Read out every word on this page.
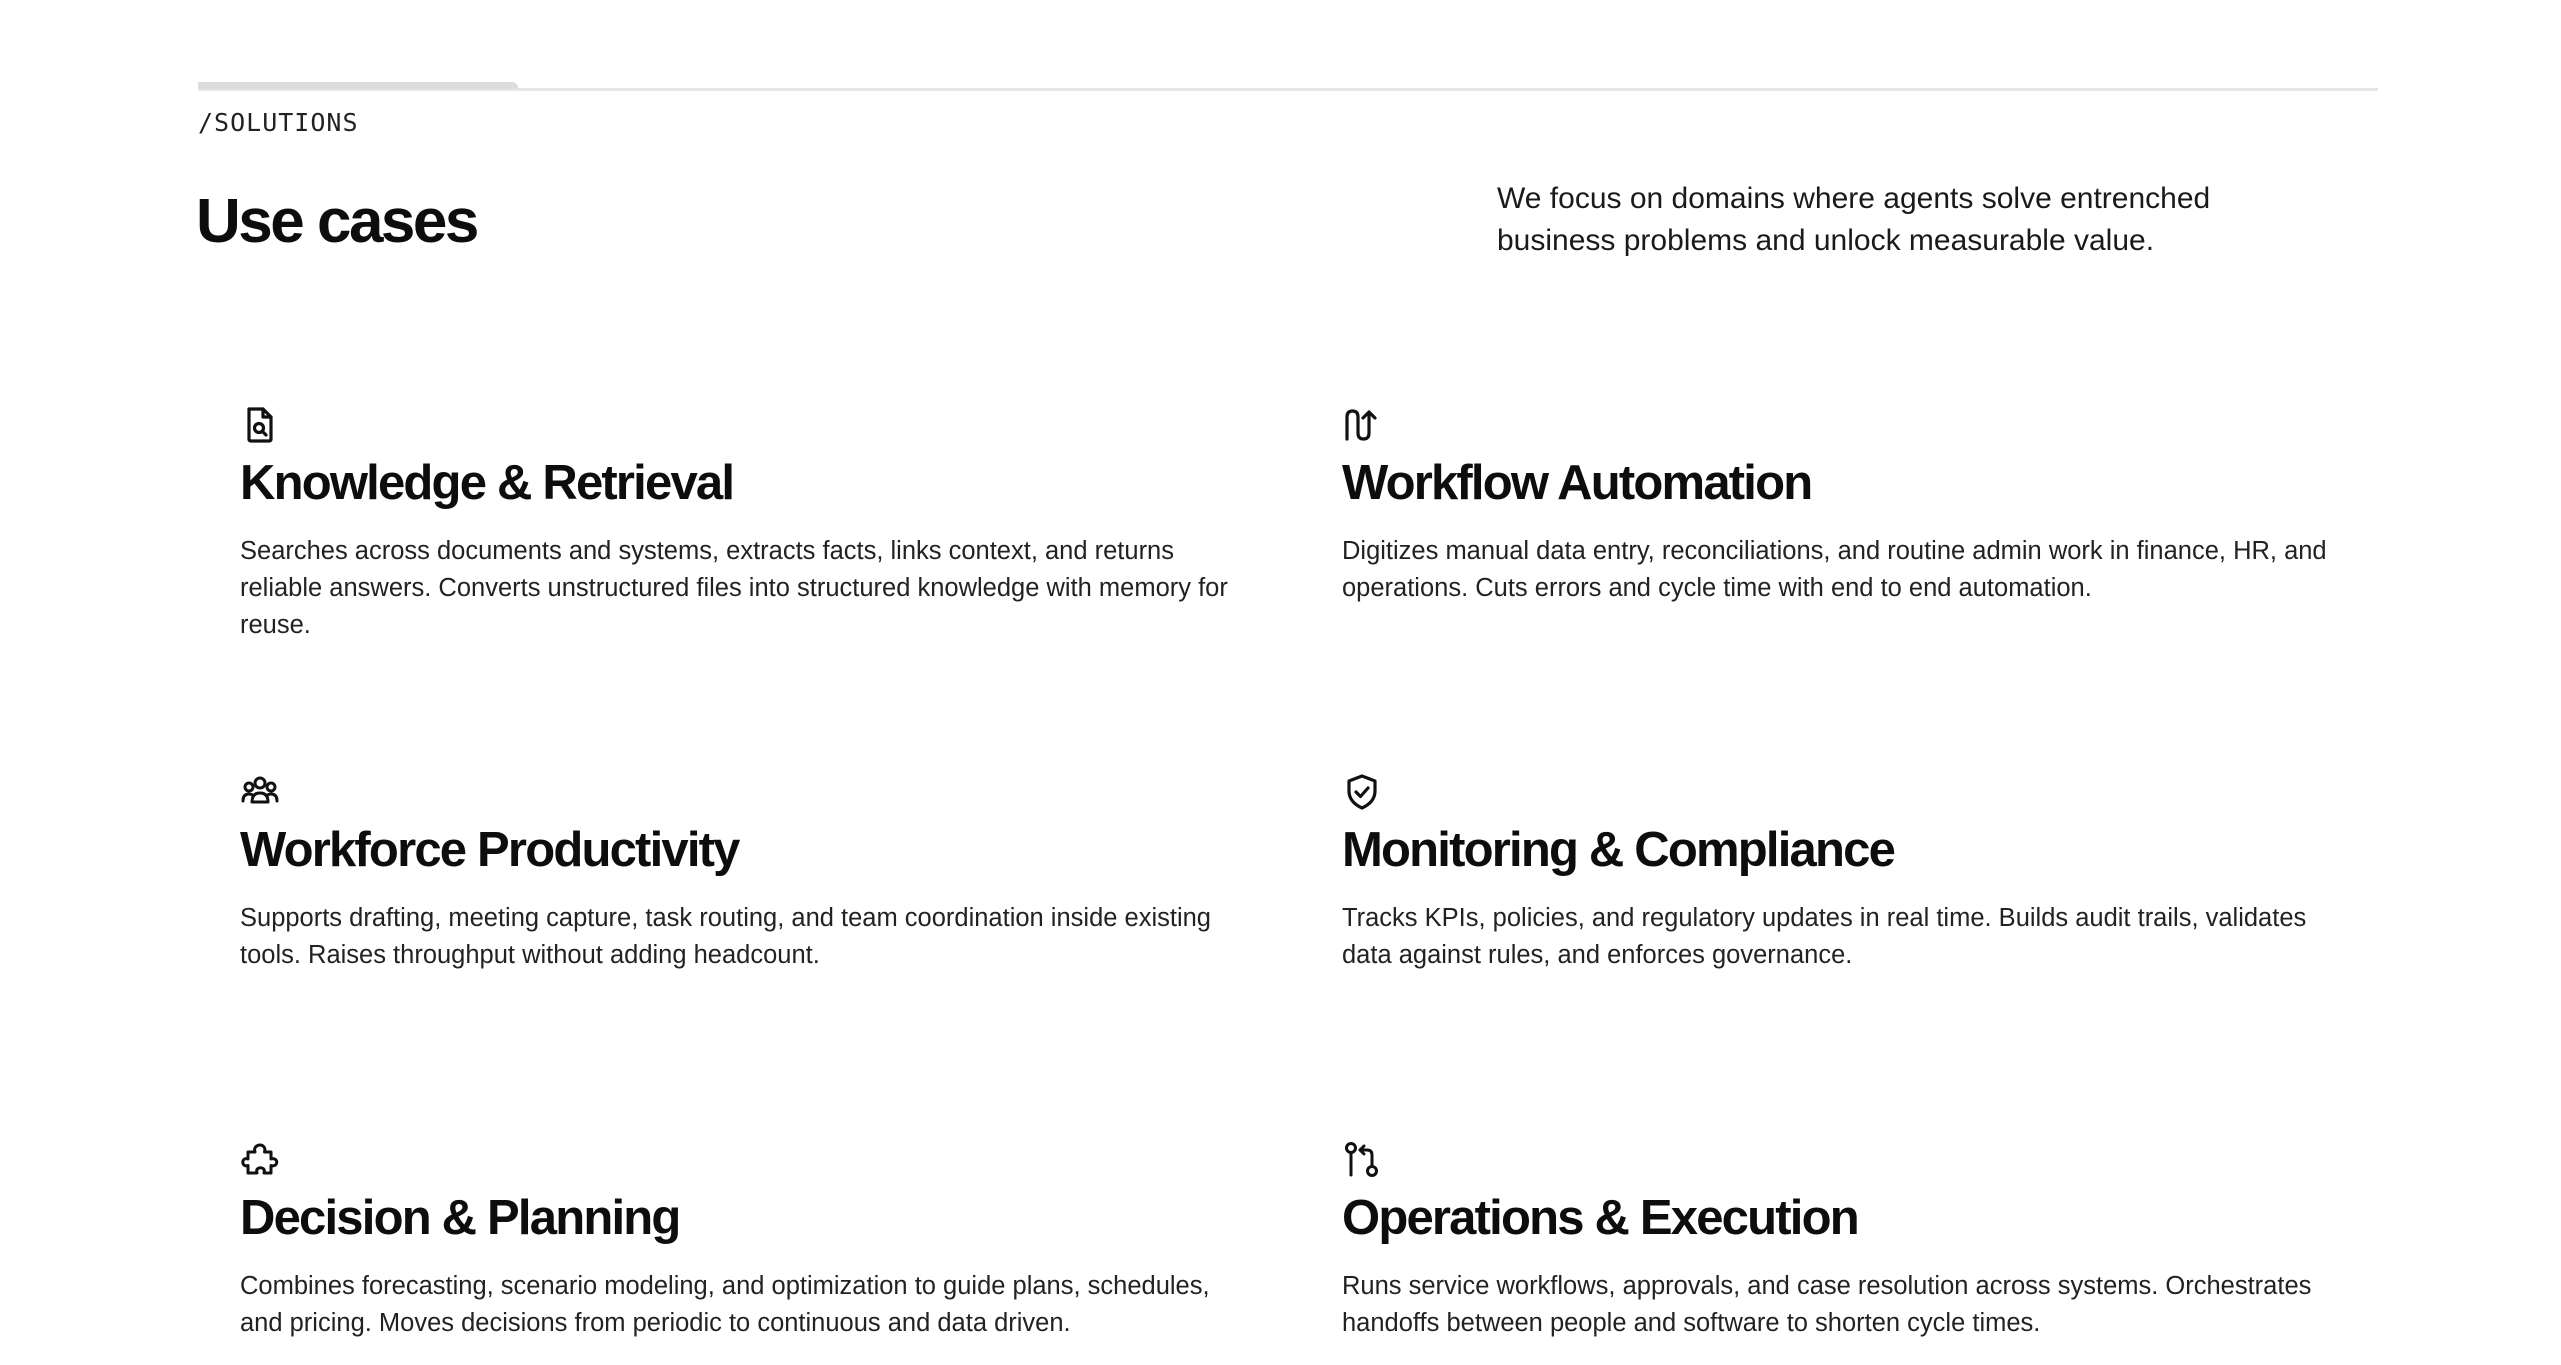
/SOLUTIONS
Use cases	We focus on domains where agents solve entrenched business problems and unlock measurable value.

Knowledge & Retrieval

Searches across documents and systems, extracts facts, links context, and returns reliable answers. Converts unstructured files into structured knowledge with memory for reuse.

Workflow Automation

Digitizes manual data entry, reconciliations, and routine admin work in finance, HR, and operations. Cuts errors and cycle time with end to end automation.

Workforce Productivity

Supports drafting, meeting capture, task routing, and team coordination inside existing tools. Raises throughput without adding headcount.

Monitoring & Compliance

Tracks KPIs, policies, and regulatory updates in real time. Builds audit trails, validates data against rules, and enforces governance.

Decision & Planning

Combines forecasting, scenario modeling, and optimization to guide plans, schedules, and pricing. Moves decisions from periodic to continuous and data driven.

Operations & Execution

Runs service workflows, approvals, and case resolution across systems. Orchestrates handoffs between people and software to shorten cycle times.
